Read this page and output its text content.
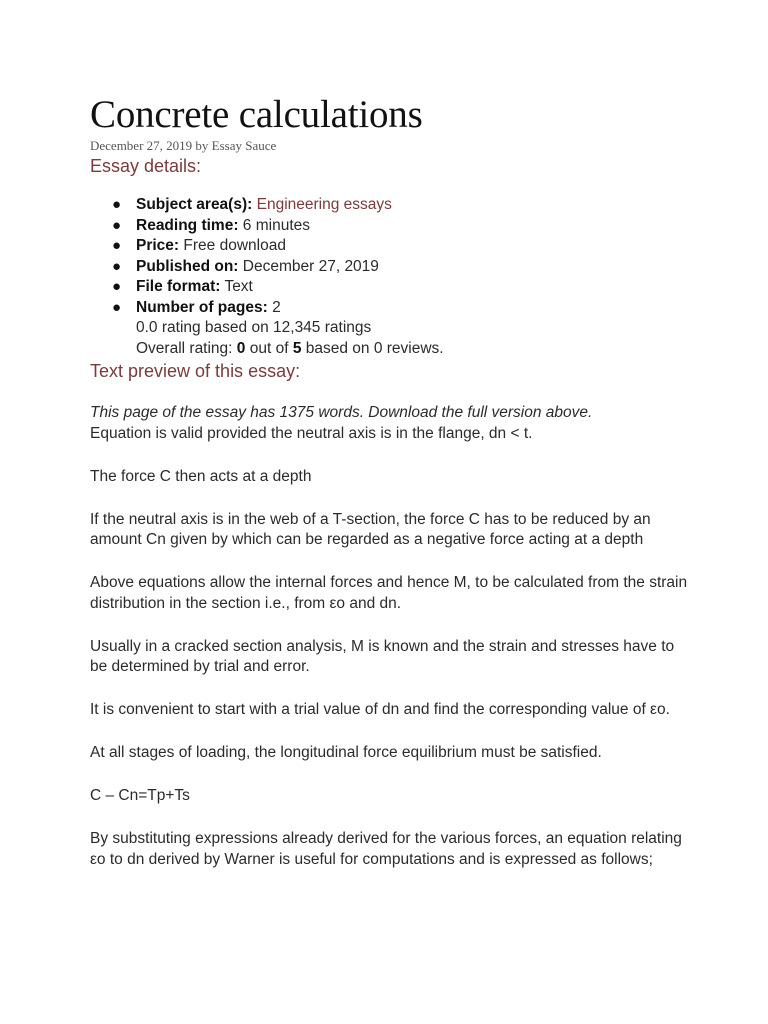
Concrete calculations

December 27, 2019 by Essay Sauce

Essay details:
● Subject area(s): Engineering essays
● Reading time: 6 minutes
● Price: Free download
● Published on: December 27, 2019
● File format: Text
● Number of pages: 2
0.0 rating based on 12,345 ratings
Overall rating: 0 out of 5 based on 0 reviews.
Text preview of this essay:

This page of the essay has 1375 words. Download the full version above.

Equation is valid provided the neutral axis is in the flange, dn < t.

The force C then acts at a depth

If the neutral axis is in the web of a T-section, the force C has to be reduced by an amount Cn given by which can be regarded as a negative force acting at a depth

Above equations allow the internal forces and hence M, to be calculated from the strain distribution in the section i.e., from εo and dn.

Usually in a cracked section analysis, M is known and the strain and stresses have to be determined by trial and error.

It is convenient to start with a trial value of dn and find the corresponding value of εo.

At all stages of loading, the longitudinal force equilibrium must be satisfied.

C – Cn=Tp+Ts

By substituting expressions already derived for the various forces, an equation relating εo to dn derived by Warner is useful for computations and is expressed as follows;
